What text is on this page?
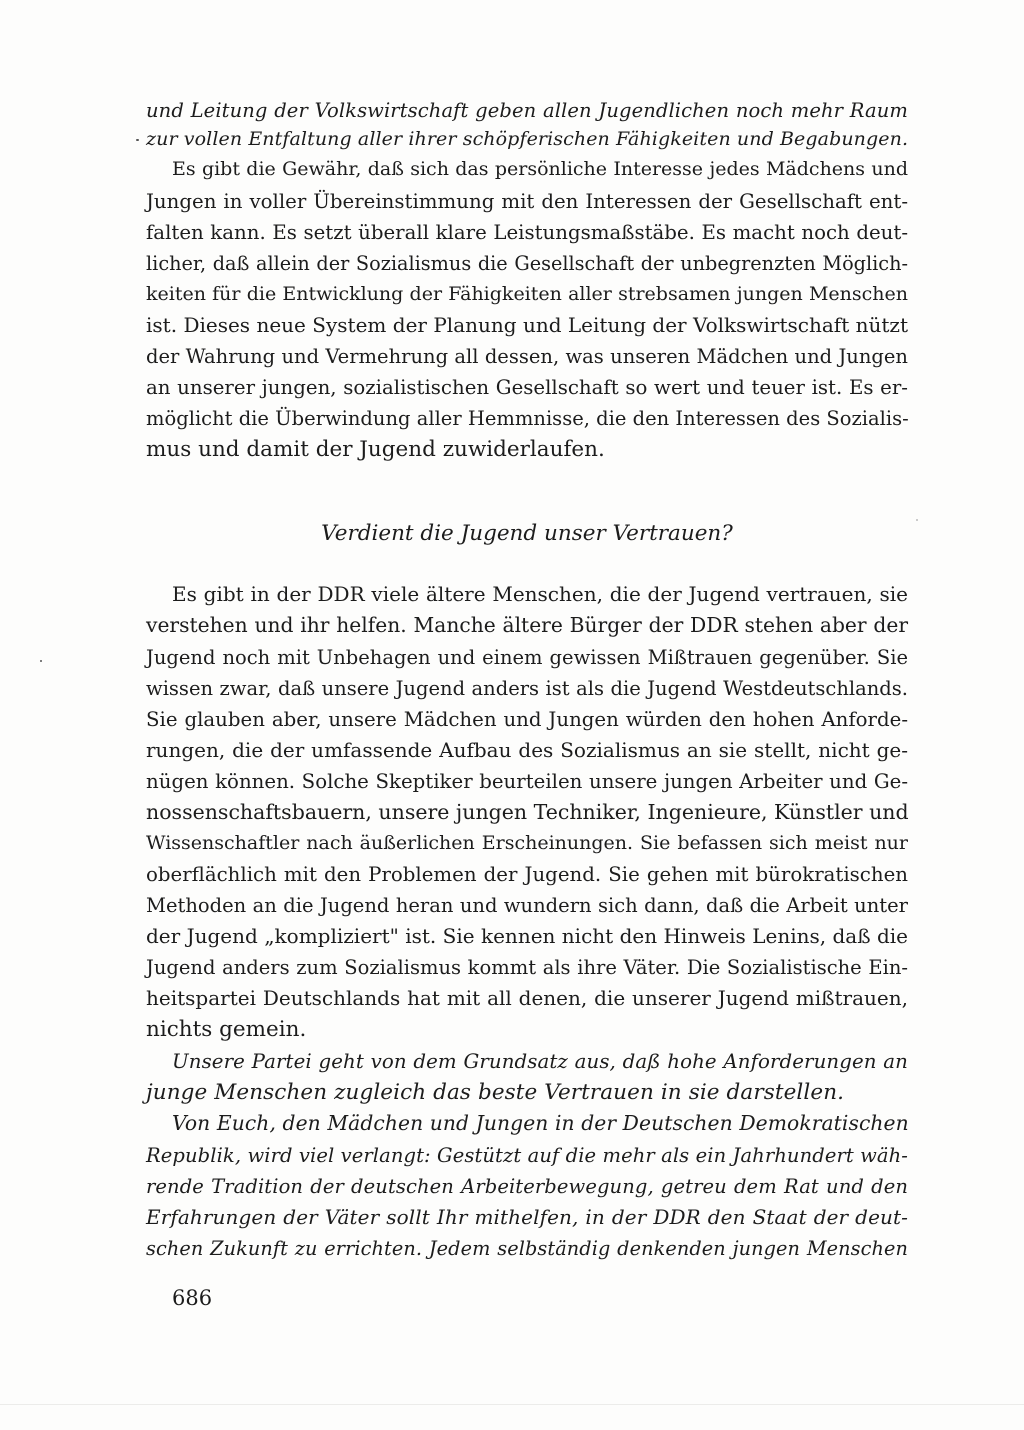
und Leitung der Volkswirtschaft geben allen Jugendlichen noch mehr Raum

zur vollen Entfaltung aller ihrer schöpferischen Fähigkeiten und Begabungen.

Es gibt die Gewähr, daß sich das persönliche Interesse jedes Mädchens und

Jungen in voller Übereinstimmung mit den Interessen der Gesellschaft ent-

falten kann. Es setzt überall klare Leistungsmaßstäbe. Es macht noch deut-

licher, daß allein der Sozialismus die Gesellschaft der unbegrenzten Möglich-

keiten für die Entwicklung der Fähigkeiten aller strebsamen jungen Menschen

ist. Dieses neue System der Planung und Leitung der Volkswirtschaft nützt

der Wahrung und Vermehrung all dessen, was unseren Mädchen und Jungen

an unserer jungen, sozialistischen Gesellschaft so wert und teuer ist. Es er-

möglicht die Überwindung aller Hemmnisse, die den Interessen des Sozialis-

mus und damit der Jugend zuwiderlaufen.

Verdient die Jugend unser Vertrauen?

Es gibt in der DDR viele ältere Menschen, die der Jugend vertrauen, sie

verstehen und ihr helfen. Manche ältere Bürger der DDR stehen aber der

Jugend noch mit Unbehagen und einem gewissen Mißtrauen gegenüber. Sie

wissen zwar, daß unsere Jugend anders ist als die Jugend Westdeutschlands.

Sie glauben aber, unsere Mädchen und Jungen würden den hohen Anforde-

rungen, die der umfassende Aufbau des Sozialismus an sie stellt, nicht ge-

nügen können. Solche Skeptiker beurteilen unsere jungen Arbeiter und Ge-

nossenschaftsbauern, unsere jungen Techniker, Ingenieure, Künstler und

Wissenschaftler nach äußerlichen Erscheinungen. Sie befassen sich meist nur

oberflächlich mit den Problemen der Jugend. Sie gehen mit bürokratischen

Methoden an die Jugend heran und wundern sich dann, daß die Arbeit unter

der Jugend „kompliziert" ist. Sie kennen nicht den Hinweis Lenins, daß die

Jugend anders zum Sozialismus kommt als ihre Väter. Die Sozialistische Ein-

heitspartei Deutschlands hat mit all denen, die unserer Jugend mißtrauen,

nichts gemein.

Unsere Partei geht von dem Grundsatz aus, daß hohe Anforderungen an

junge Menschen zugleich das beste Vertrauen in sie darstellen.

Von Euch, den Mädchen und Jungen in der Deutschen Demokratischen

Republik, wird viel verlangt: Gestützt auf die mehr als ein Jahrhundert wäh-

rende Tradition der deutschen Arbeiterbewegung, getreu dem Rat und den

Erfahrungen der Väter sollt Ihr mithelfen, in der DDR den Staat der deut-

schen Zukunft zu errichten. Jedem selbständig denkenden jungen Menschen

686
